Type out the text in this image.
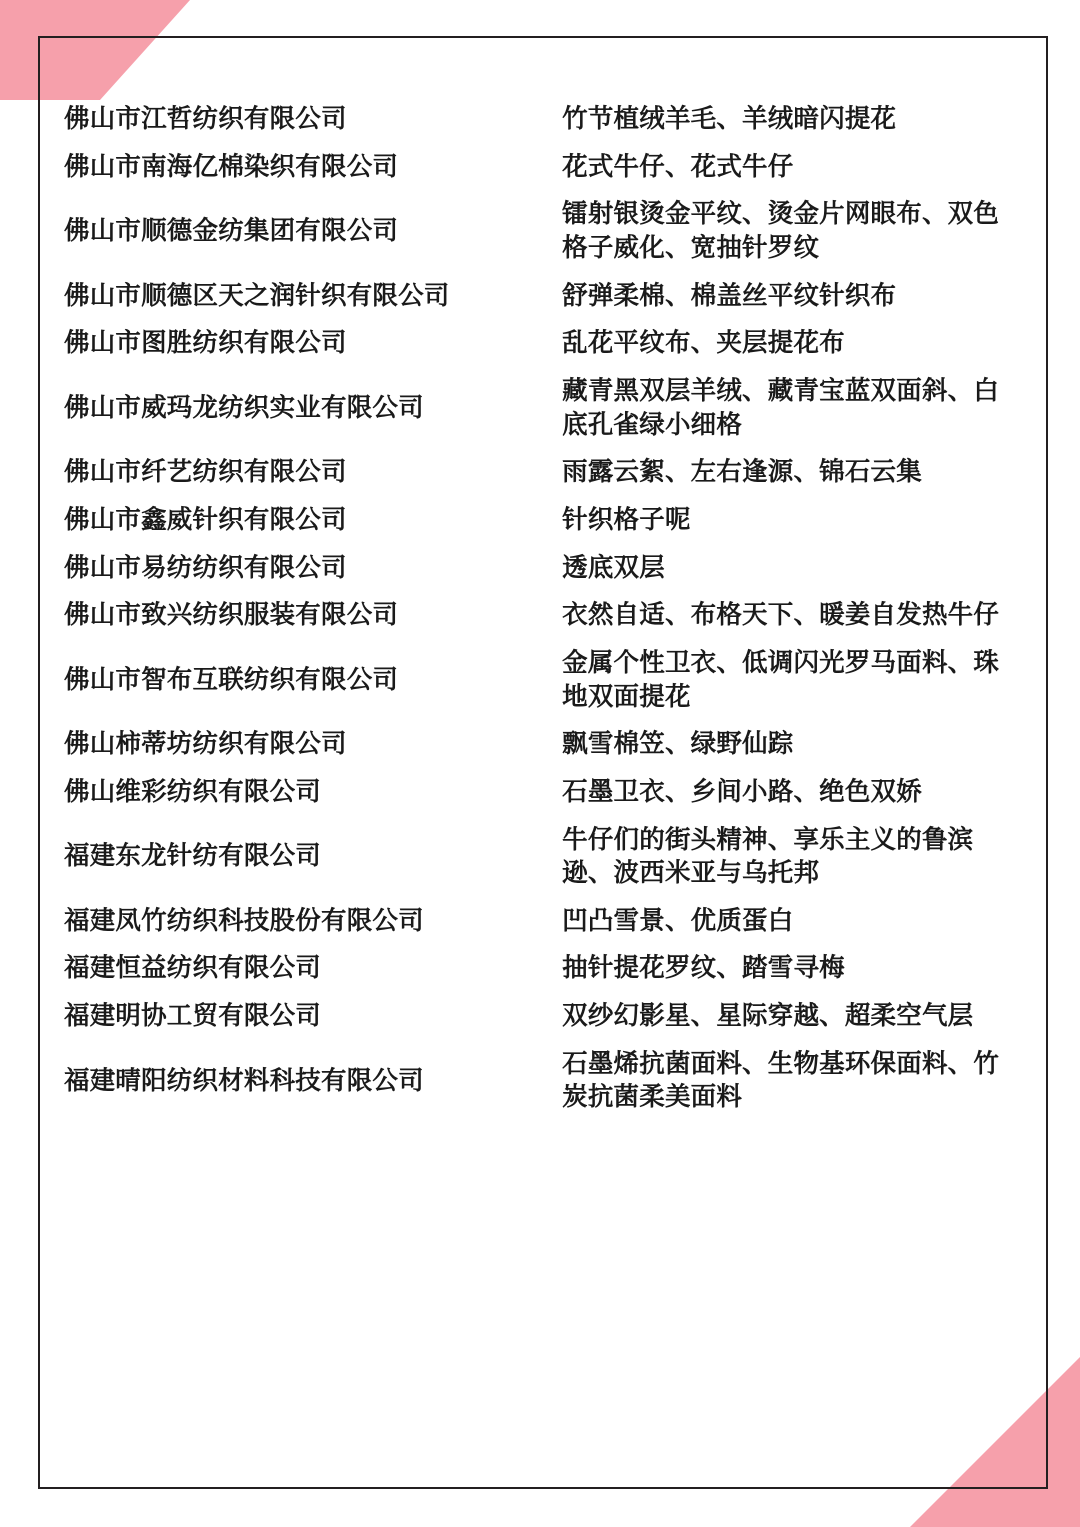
佛山市江哲纺织有限公司	竹节植绒羊毛、羊绒暗闪提花
佛山市南海亿棉染织有限公司	花式牛仔、花式牛仔
佛山市顺德金纺集团有限公司	镭射银烫金平纹、烫金片网眼布、双色格子威化、宽抽针罗纹
佛山市顺德区天之润针织有限公司	舒弹柔棉、棉盖丝平纹针织布
佛山市图胜纺织有限公司	乱花平纹布、夹层提花布
佛山市威玛龙纺织实业有限公司	藏青黑双层羊绒、藏青宝蓝双面斜、白底孔雀绿小细格
佛山市纤艺纺织有限公司	雨露云絮、左右逢源、锦石云集
佛山市鑫威针织有限公司	针织格子呢
佛山市易纺纺织有限公司	透底双层
佛山市致兴纺织服装有限公司	衣然自适、布格天下、暖姜自发热牛仔
佛山市智布互联纺织有限公司	金属个性卫衣、低调闪光罗马面料、珠地双面提花
佛山柿蒂坊纺织有限公司	飘雪棉笠、绿野仙踪
佛山维彩纺织有限公司	石墨卫衣、乡间小路、绝色双娇
福建东龙针纺有限公司	牛仔们的街头精神、享乐主义的鲁滨逊、波西米亚与乌托邦
福建凤竹纺织科技股份有限公司	凹凸雪景、优质蛋白
福建恒益纺织有限公司	抽针提花罗纹、踏雪寻梅
福建明协工贸有限公司	双纱幻影星、星际穿越、超柔空气层
福建晴阳纺织材料科技有限公司	石墨烯抗菌面料、生物基环保面料、竹炭抗菌柔美面料
